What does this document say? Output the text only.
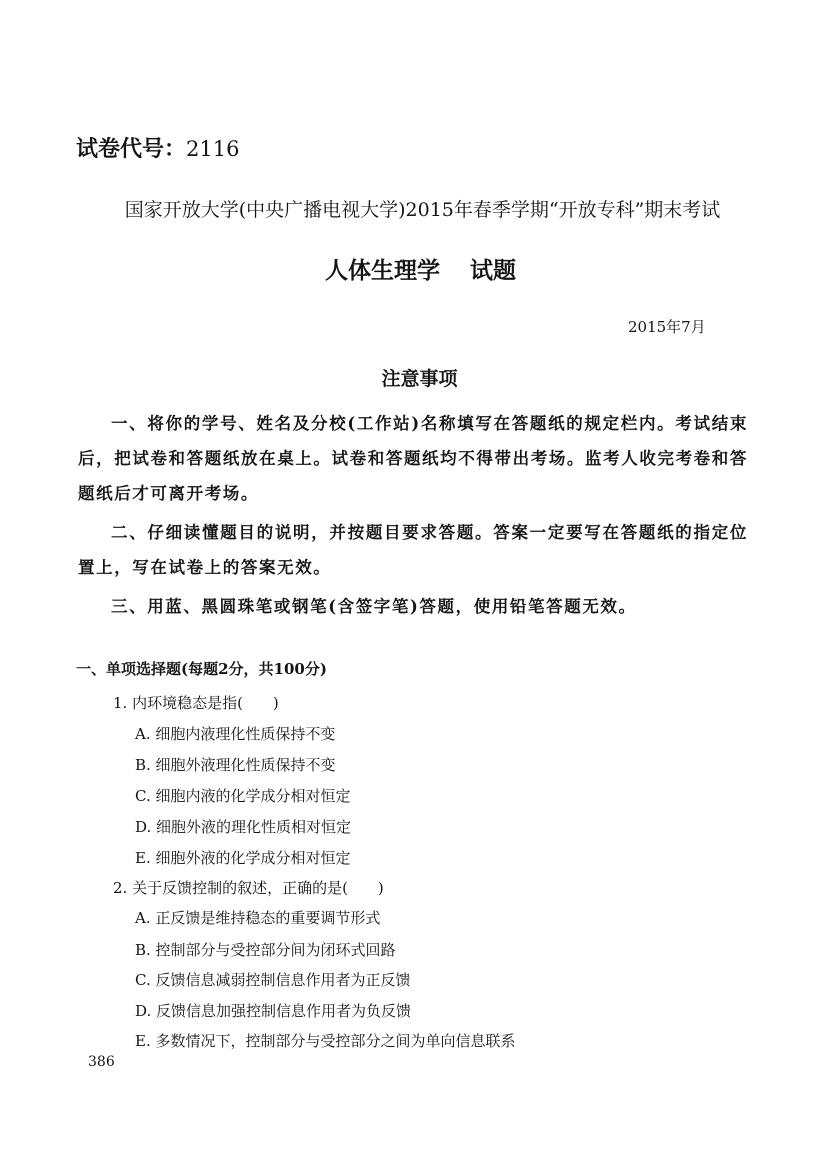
试卷代号：2116
国家开放大学(中央广播电视大学)2015年春季学期“开放专科”期末考试
人体生理学 试题
2015年7月
注意事项

一、将你的学号、姓名及分校(工作站)名称填写在答题纸的规定栏内。考试结束后，把试卷和答题纸放在桌上。试卷和答题纸均不得带出考场。监考人收完考卷和答题纸后才可离开考场。

二、仔细读懂题目的说明，并按题目要求答题。答案一定要写在答题纸的指定位置上，写在试卷上的答案无效。

三、用蓝、黑圆珠笔或钢笔(含签字笔)答题，使用铅笔答题无效。

一、单项选择题(每题2分，共100分)
1. 内环境稳态是指(　　)
A. 细胞内液理化性质保持不变
B. 细胞外液理化性质保持不变
C. 细胞内液的化学成分相对恒定
D. 细胞外液的理化性质相对恒定
E. 细胞外液的化学成分相对恒定
2. 关于反馈控制的叙述，正确的是(　　)
A. 正反馈是维持稳态的重要调节形式
B. 控制部分与受控部分间为闭环式回路
C. 反馈信息减弱控制信息作用者为正反馈
D. 反馈信息加强控制信息作用者为负反馈
E. 多数情况下，控制部分与受控部分之间为单向信息联系
386
